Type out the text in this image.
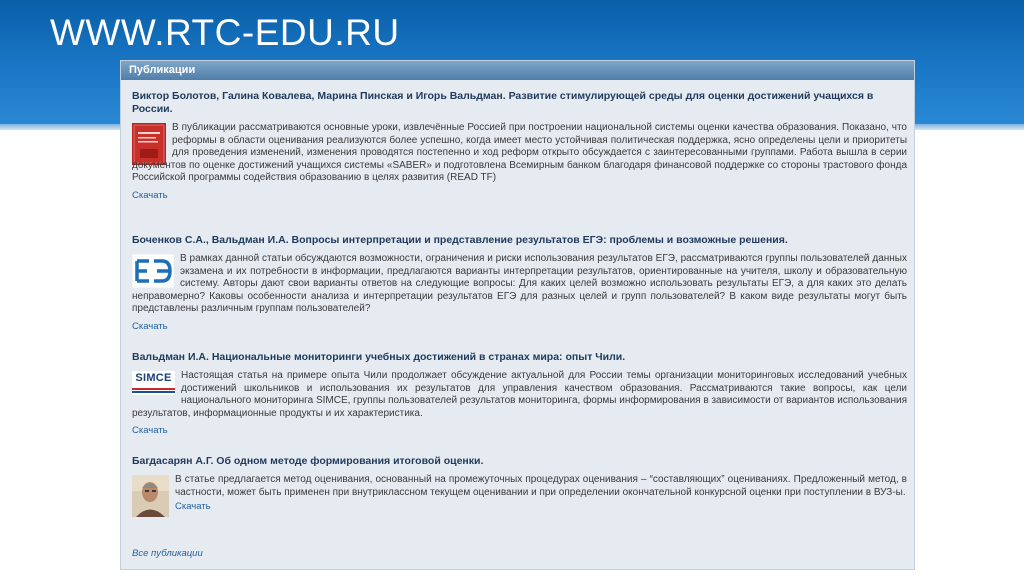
WWW.RTC-EDU.RU
Публикации
Виктор Болотов, Галина Ковалева, Марина Пинская и Игорь Вальдман. Развитие стимулирующей среды для оценки достижений учащихся в России.
В публикации рассматриваются основные уроки, извлечённые Россией при построении национальной системы оценки качества образования. Показано, что реформы в области оценивания реализуются более успешно, когда имеет место устойчивая политическая поддержка, ясно определены цели и приоритеты для проведения изменений, изменения проводятся постепенно и ход реформ открыто обсуждается с заинтересованными группами. Работа вышла в серии документов по оценке достижений учащихся системы «SABER» и подготовлена Всемирным банком благодаря финансовой поддержке со стороны трастового фонда Российской программы содействия образованию в целях развития (READ TF)
Скачать
Боченков С.А., Вальдман И.А. Вопросы интерпретации и представление результатов ЕГЭ: проблемы и возможные решения.
В рамках данной статьи обсуждаются возможности, ограничения и риски использования результатов ЕГЭ, рассматриваются группы пользователей данных экзамена и их потребности в информации, предлагаются варианты интерпретации результатов, ориентированные на учителя, школу и образовательную систему. Авторы дают свои варианты ответов на следующие вопросы: Для каких целей возможно использовать результаты ЕГЭ, а для каких это делать неправомерно? Каковы особенности анализа и интерпретации результатов ЕГЭ для разных целей и групп пользователей? В каком виде результаты могут быть представлены различным группам пользователей?
Скачать
Вальдман И.А. Национальные мониторинги учебных достижений в странах мира: опыт Чили.
SIMCE Настоящая статья на примере опыта Чили продолжает обсуждение актуальной для России темы организации мониторинговых исследований учебных достижений школьников и использования их результатов для управления качеством образования. Рассматриваются такие вопросы, как цели национального мониторинга SIMCE, группы пользователей результатов мониторинга, формы информирования в зависимости от вариантов использования результатов, информационные продукты и их характеристика.
Скачать
Багдасарян А.Г. Об одном методе формирования итоговой оценки.
В статье предлагается метод оценивания, основанный на промежуточных процедурах оценивания – “составляющих” оцениваниях. Предложенный метод, в частности, может быть применен при внутриклассном текущем оценивании и при определении окончательной конкурсной оценки при поступлении в ВУЗ-ы.
Скачать
Все публикации
